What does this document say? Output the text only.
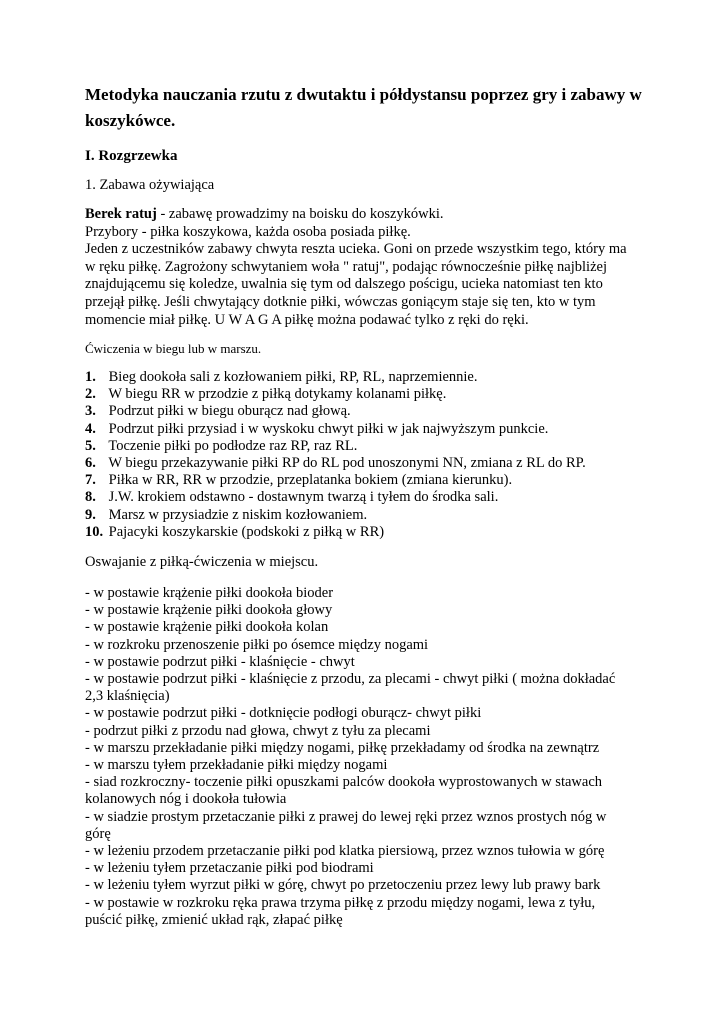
Metodyka nauczania rzutu z dwutaktu i półdystansu poprzez gry i zabawy w koszykówce.
I. Rozgrzewka

1. Zabawa ożywiająca

Berek ratuj - zabawę prowadzimy na boisku do koszykówki.
Przybory - piłka koszykowa, każda osoba posiada piłkę.
Jeden z uczestników zabawy chwyta reszta ucieka. Goni on przede wszystkim tego, który ma
w ręku piłkę. Zagrożony schwytaniem woła " ratuj", podając równocześnie piłkę najbliżej
znajdującemu się koledze, uwalnia się tym od dalszego pościgu, ucieka natomiast ten kto
przejął piłkę. Jeśli chwytający dotknie piłki, wówczas goniącym staje się ten, kto w tym
momencie miał piłkę. U W A G A piłkę można podawać tylko z ręki do ręki.

Ćwiczenia w biegu lub w marszu.

1. Bieg dookoła sali z kozłowaniem piłki, RP, RL, naprzemiennie.
2. W biegu RR w przodzie z piłką dotykamy kolanami piłkę.
3. Podrzut piłki w biegu oburącz nad głową.
4. Podrzut piłki przysiad i w wyskoku chwyt piłki w jak najwyższym punkcie.
5. Toczenie piłki po podłodze raz RP, raz RL.
6. W biegu przekazywanie piłki RP do RL pod unoszonymi NN, zmiana z RL do RP.
7. Piłka w RR, RR w przodzie, przeplatanka bokiem (zmiana kierunku).
8. J.W. krokiem odstawno - dostawnym twarzą i tyłem do środka sali.
9. Marsz w przysiadzie z niskim kozłowaniem.
10. Pajacyki koszykarskie (podskoki z piłką w RR)

Oswajanie z piłką-ćwiczenia w miejscu.

- w postawie krążenie piłki dookoła bioder
- w postawie krążenie piłki dookoła głowy
- w postawie krążenie piłki dookoła kolan
- w rozkroku przenoszenie piłki po ósemce między nogami
- w postawie podrzut piłki - klaśnięcie - chwyt
- w postawie podrzut piłki - klaśnięcie z przodu, za plecami - chwyt piłki ( można dokładać
2,3 klaśnięcia)
- w postawie podrzut piłki - dotknięcie podłogi oburącz- chwyt piłki
- podrzut piłki z przodu nad głowa, chwyt z tyłu za plecami
- w marszu przekładanie piłki między nogami, piłkę przekładamy od środka na zewnątrz
- w marszu tyłem przekładanie piłki między nogami
- siad rozkroczny- toczenie piłki opuszkami palców dookoła wyprostowanych w stawach
kolanowych nóg i dookoła tułowia
- w siadzie prostym przetaczanie piłki z prawej do lewej ręki przez wznos prostych nóg w
górę
- w leżeniu przodem przetaczanie piłki pod klatka piersiową, przez wznos tułowia w górę
- w leżeniu tyłem przetaczanie piłki pod biodrami
- w leżeniu tyłem wyrzut piłki w górę, chwyt po przetoczeniu przez lewy lub prawy bark
- w postawie w rozkroku ręka prawa trzyma piłkę z przodu między nogami, lewa z tyłu,
puścić piłkę, zmienić układ rąk, złapać piłkę
